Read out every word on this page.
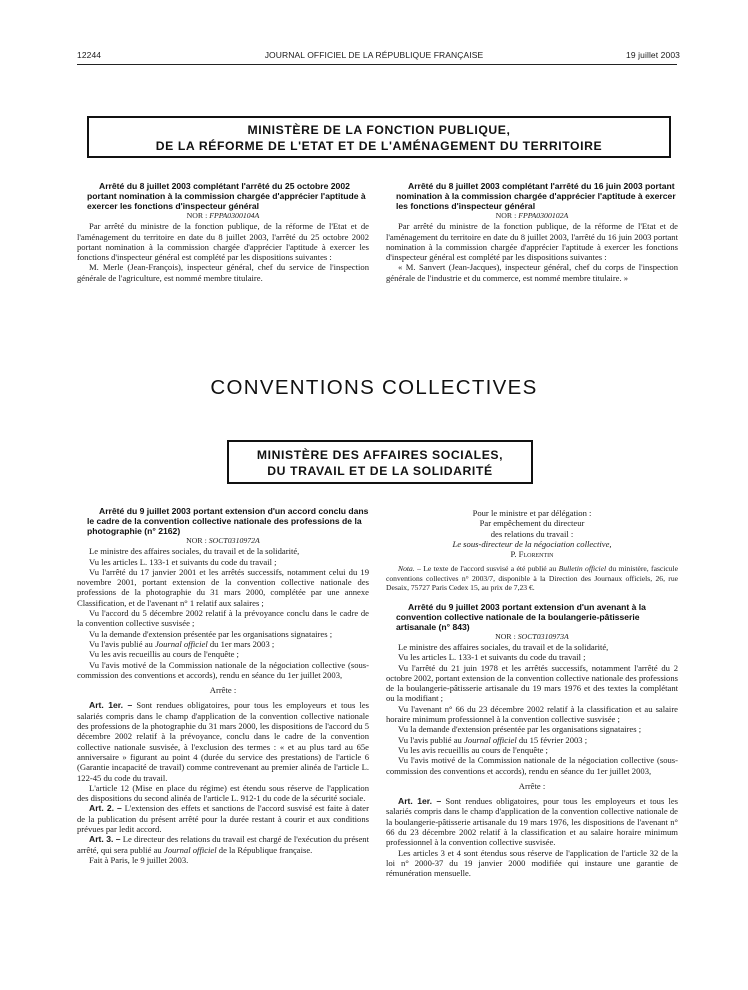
12244	JOURNAL OFFICIEL DE LA RÉPUBLIQUE FRANÇAISE	19 juillet 2003
MINISTÈRE DE LA FONCTION PUBLIQUE,
DE LA RÉFORME DE L'ETAT ET DE L'AMÉNAGEMENT DU TERRITOIRE

Arrêté du 8 juillet 2003 complétant l'arrêté du 25 octobre 2002 portant nomination à la commission chargée d'apprécier l'aptitude à exercer les fonctions d'inspecteur général

NOR : FPPA0300104A

Par arrêté du ministre de la fonction publique, de la réforme de l'Etat et de l'aménagement du territoire en date du 8 juillet 2003, l'arrêté du 25 octobre 2002 portant nomination à la commission chargée d'apprécier l'aptitude à exercer les fonctions d'inspecteur général est complété par les dispositions suivantes :

M. Merle (Jean-François), inspecteur général, chef du service de l'inspection générale de l'agriculture, est nommé membre titulaire.

Arrêté du 8 juillet 2003 complétant l'arrêté du 16 juin 2003 portant nomination à la commission chargée d'apprécier l'aptitude à exercer les fonctions d'inspecteur général

NOR : FPPA0300102A

Par arrêté du ministre de la fonction publique, de la réforme de l'Etat et de l'aménagement du territoire en date du 8 juillet 2003, l'arrêté du 16 juin 2003 portant nomination à la commission chargée d'apprécier l'aptitude à exercer les fonctions d'inspecteur général est complété par les dispositions suivantes :

« M. Sanvert (Jean-Jacques), inspecteur général, chef du corps de l'inspection générale de l'industrie et du commerce, est nommé membre titulaire. »

CONVENTIONS COLLECTIVES
MINISTÈRE DES AFFAIRES SOCIALES,
DU TRAVAIL ET DE LA SOLIDARITÉ

Arrêté du 9 juillet 2003 portant extension d'un accord conclu dans le cadre de la convention collective nationale des professions de la photographie (n° 2162)

NOR : SOCT0310972A

Le ministre des affaires sociales, du travail et de la solidarité,

Vu les articles L. 133-1 et suivants du code du travail ;

Vu l'arrêté du 17 janvier 2001 et les arrêtés successifs, notamment celui du 19 novembre 2001, portant extension de la convention collective nationale des professions de la photographie du 31 mars 2000, complétée par une annexe Classification, et de l'avenant n° 1 relatif aux salaires ;

Vu l'accord du 5 décembre 2002 relatif à la prévoyance conclu dans le cadre de la convention collective susvisée ;

Vu la demande d'extension présentée par les organisations signataires ;

Vu l'avis publié au Journal officiel du 1er mars 2003 ;

Vu les avis recueillis au cours de l'enquête ;

Vu l'avis motivé de la Commission nationale de la négociation collective (sous-commission des conventions et accords), rendu en séance du 1er juillet 2003,

Arrête :

Art. 1er. – Sont rendues obligatoires, pour tous les employeurs et tous les salariés compris dans le champ d'application de la convention collective nationale des professions de la photographie du 31 mars 2000, les dispositions de l'accord du 5 décembre 2002 relatif à la prévoyance, conclu dans le cadre de la convention collective nationale susvisée, à l'exclusion des termes : « et au plus tard au 65e anniversaire » figurant au point 4 (durée du service des prestations) de l'article 6 (Garantie incapacité de travail) comme contrevenant au premier alinéa de l'article L. 122-45 du code du travail.

L'article 12 (Mise en place du régime) est étendu sous réserve de l'application des dispositions du second alinéa de l'article L. 912-1 du code de la sécurité sociale.

Art. 2. – L'extension des effets et sanctions de l'accord susvisé est faite à dater de la publication du présent arrêté pour la durée restant à courir et aux conditions prévues par ledit accord.

Art. 3. – Le directeur des relations du travail est chargé de l'exécution du présent arrêté, qui sera publié au Journal officiel de la République française.

Fait à Paris, le 9 juillet 2003.

Pour le ministre et par délégation :
Par empêchement du directeur
des relations du travail :
Le sous-directeur de la négociation collective,
P. Florentin

Nota. – Le texte de l'accord susvisé a été publié au Bulletin officiel du ministère, fascicule conventions collectives n° 2003/7, disponible à la Direction des Journaux officiels, 26, rue Desaix, 75727 Paris Cedex 15, au prix de 7,23 €.

Arrêté du 9 juillet 2003 portant extension d'un avenant à la convention collective nationale de la boulangerie-pâtisserie artisanale (n° 843)

NOR : SOCT0310973A

Le ministre des affaires sociales, du travail et de la solidarité,

Vu les articles L. 133-1 et suivants du code du travail ;

Vu l'arrêté du 21 juin 1978 et les arrêtés successifs, notamment l'arrêté du 2 octobre 2002, portant extension de la convention collective nationale des professions de la boulangerie-pâtisserie artisanale du 19 mars 1976 et des textes la complétant ou la modifiant ;

Vu l'avenant n° 66 du 23 décembre 2002 relatif à la classification et au salaire horaire minimum professionnel à la convention collective susvisée ;

Vu la demande d'extension présentée par les organisations signataires ;

Vu l'avis publié au Journal officiel du 15 février 2003 ;

Vu les avis recueillis au cours de l'enquête ;

Vu l'avis motivé de la Commission nationale de la négociation collective (sous-commission des conventions et accords), rendu en séance du 1er juillet 2003,

Arrête :

Art. 1er. – Sont rendues obligatoires, pour tous les employeurs et tous les salariés compris dans le champ d'application de la convention collective nationale de la boulangerie-pâtisserie artisanale du 19 mars 1976, les dispositions de l'avenant n° 66 du 23 décembre 2002 relatif à la classification et au salaire horaire minimum professionnel à la convention collective susvisée.

Les articles 3 et 4 sont étendus sous réserve de l'application de l'article 32 de la loi n° 2000-37 du 19 janvier 2000 modifiée qui instaure une garantie de rémunération mensuelle.
